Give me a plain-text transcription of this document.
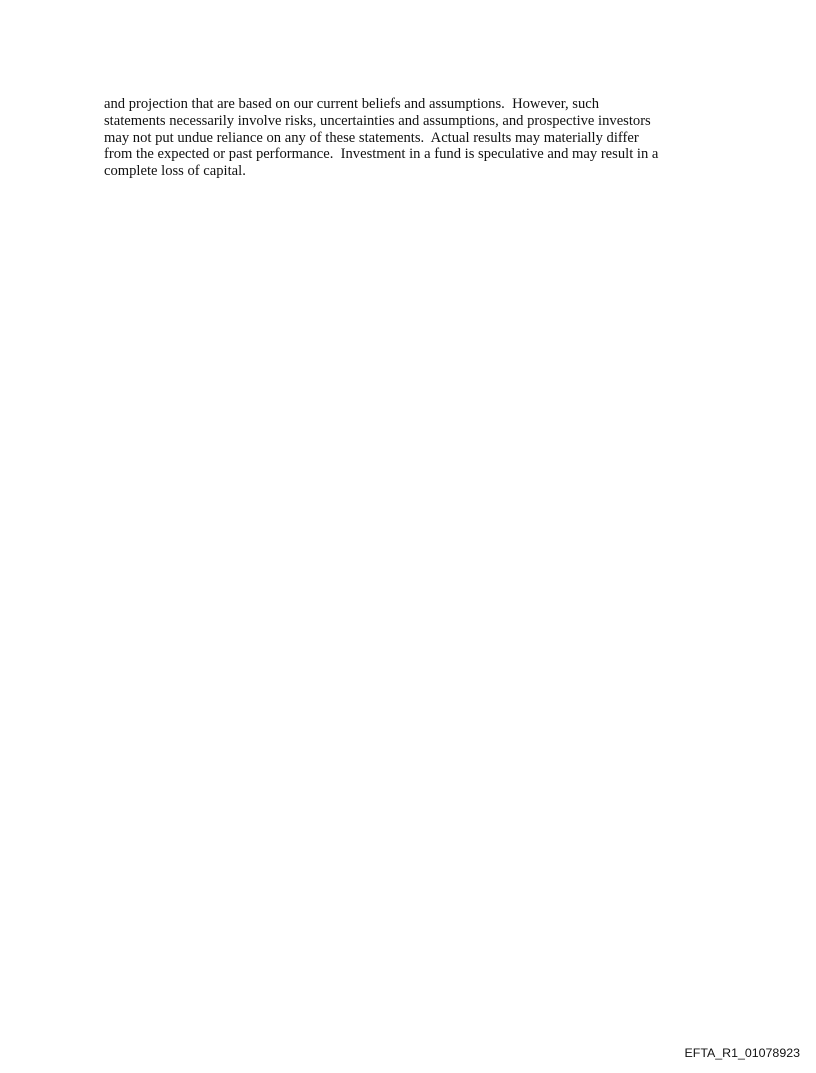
and projection that are based on our current beliefs and assumptions.  However, such
statements necessarily involve risks, uncertainties and assumptions, and prospective investors
may not put undue reliance on any of these statements.  Actual results may materially differ
from the expected or past performance.  Investment in a fund is speculative and may result in a
complete loss of capital.

EFTA_R1_01078923
